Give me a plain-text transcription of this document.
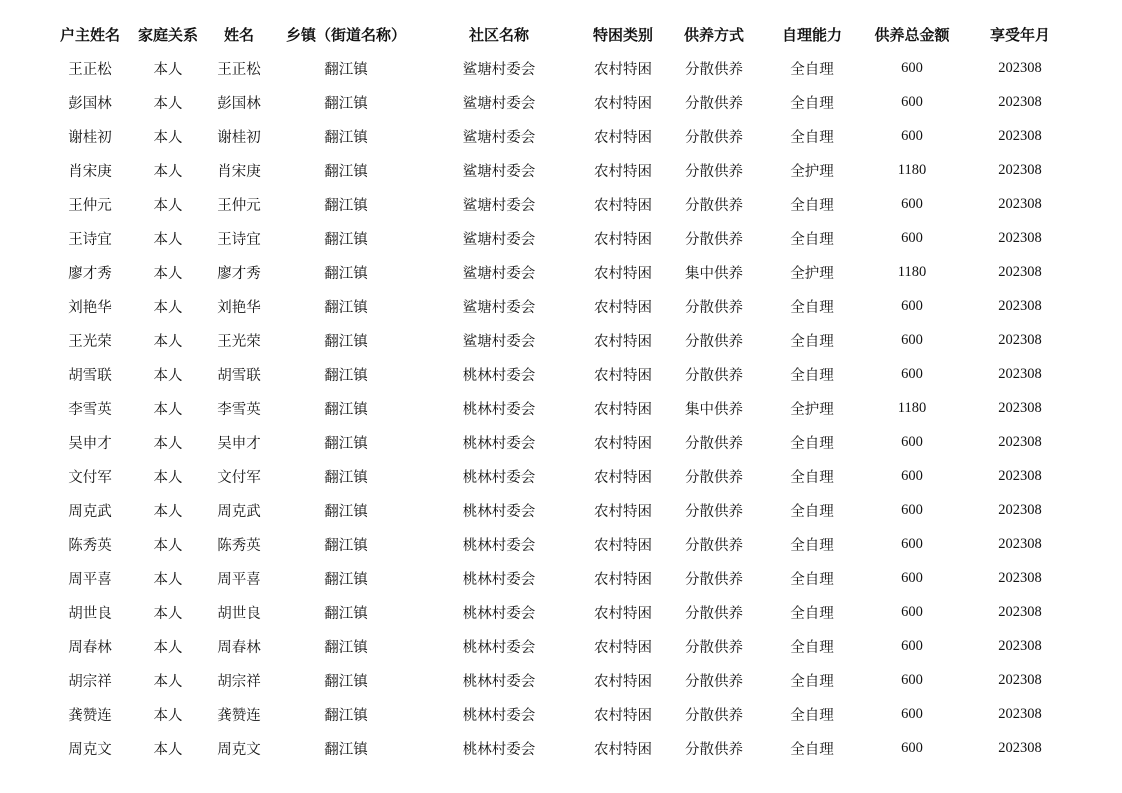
户主姓名	家庭关系	姓名	乡镇（街道名称）	社区名称	特困类别	供养方式	自理能力	供养总金额	享受年月
王正松	本人	王正松	翻江镇	鲨塘村委会	农村特困	分散供养	全自理	600	202308
彭国林	本人	彭国林	翻江镇	鲨塘村委会	农村特困	分散供养	全自理	600	202308
谢桂初	本人	谢桂初	翻江镇	鲨塘村委会	农村特困	分散供养	全自理	600	202308
肖宋庚	本人	肖宋庚	翻江镇	鲨塘村委会	农村特困	分散供养	全护理	1180	202308
王仲元	本人	王仲元	翻江镇	鲨塘村委会	农村特困	分散供养	全自理	600	202308
王诗宜	本人	王诗宜	翻江镇	鲨塘村委会	农村特困	分散供养	全自理	600	202308
廖才秀	本人	廖才秀	翻江镇	鲨塘村委会	农村特困	集中供养	全护理	1180	202308
刘艳华	本人	刘艳华	翻江镇	鲨塘村委会	农村特困	分散供养	全自理	600	202308
王光荣	本人	王光荣	翻江镇	鲨塘村委会	农村特困	分散供养	全自理	600	202308
胡雪联	本人	胡雪联	翻江镇	桃林村委会	农村特困	分散供养	全自理	600	202308
李雪英	本人	李雪英	翻江镇	桃林村委会	农村特困	集中供养	全护理	1180	202308
吴申才	本人	吴申才	翻江镇	桃林村委会	农村特困	分散供养	全自理	600	202308
文付军	本人	文付军	翻江镇	桃林村委会	农村特困	分散供养	全自理	600	202308
周克武	本人	周克武	翻江镇	桃林村委会	农村特困	分散供养	全自理	600	202308
陈秀英	本人	陈秀英	翻江镇	桃林村委会	农村特困	分散供养	全自理	600	202308
周平喜	本人	周平喜	翻江镇	桃林村委会	农村特困	分散供养	全自理	600	202308
胡世良	本人	胡世良	翻江镇	桃林村委会	农村特困	分散供养	全自理	600	202308
周春林	本人	周春林	翻江镇	桃林村委会	农村特困	分散供养	全自理	600	202308
胡宗祥	本人	胡宗祥	翻江镇	桃林村委会	农村特困	分散供养	全自理	600	202308
龚赞连	本人	龚赞连	翻江镇	桃林村委会	农村特困	分散供养	全自理	600	202308
周克文	本人	周克文	翻江镇	桃林村委会	农村特困	分散供养	全自理	600	202308
